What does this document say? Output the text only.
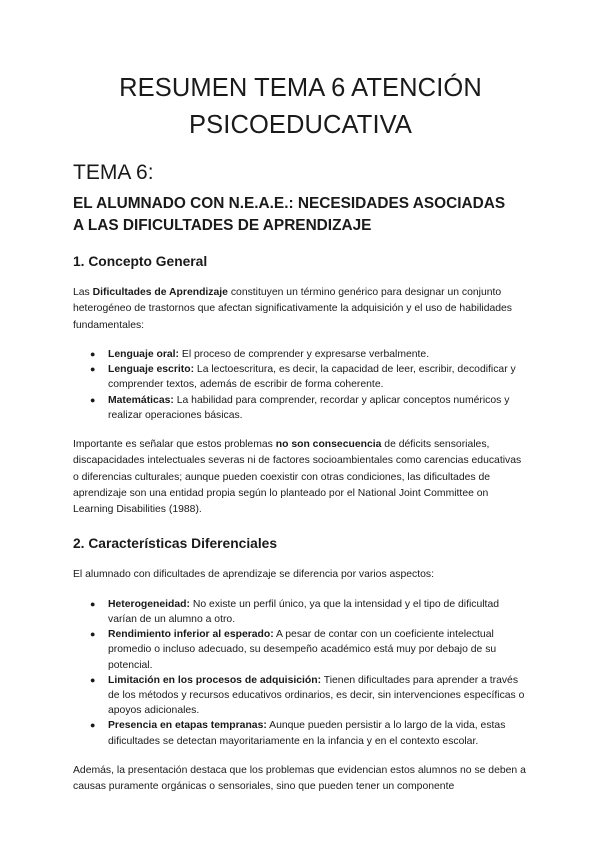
RESUMEN TEMA 6 ATENCIÓN
PSICOEDUCATIVA
TEMA 6:
EL ALUMNADO CON N.E.A.E.: NECESIDADES ASOCIADAS
A LAS DIFICULTADES DE APRENDIZAJE
1. Concepto General

Las Dificultades de Aprendizaje constituyen un término genérico para designar un conjunto heterogéneo de trastornos que afectan significativamente la adquisición y el uso de habilidades fundamentales:

● Lenguaje oral: El proceso de comprender y expresarse verbalmente.
● Lenguaje escrito: La lectoescritura, es decir, la capacidad de leer, escribir, decodificar y comprender textos, además de escribir de forma coherente.
● Matemáticas: La habilidad para comprender, recordar y aplicar conceptos numéricos y realizar operaciones básicas.

Importante es señalar que estos problemas no son consecuencia de déficits sensoriales, discapacidades intelectuales severas ni de factores socioambientales como carencias educativas o diferencias culturales; aunque pueden coexistir con otras condiciones, las dificultades de aprendizaje son una entidad propia según lo planteado por el National Joint Committee on Learning Disabilities (1988).

2. Características Diferenciales

El alumnado con dificultades de aprendizaje se diferencia por varios aspectos:

● Heterogeneidad: No existe un perfil único, ya que la intensidad y el tipo de dificultad varían de un alumno a otro.
● Rendimiento inferior al esperado: A pesar de contar con un coeficiente intelectual promedio o incluso adecuado, su desempeño académico está muy por debajo de su potencial.
● Limitación en los procesos de adquisición: Tienen dificultades para aprender a través de los métodos y recursos educativos ordinarios, es decir, sin intervenciones específicas o apoyos adicionales.
● Presencia en etapas tempranas: Aunque pueden persistir a lo largo de la vida, estas dificultades se detectan mayoritariamente en la infancia y en el contexto escolar.

Además, la presentación destaca que los problemas que evidencian estos alumnos no se deben a causas puramente orgánicas o sensoriales, sino que pueden tener un componente
